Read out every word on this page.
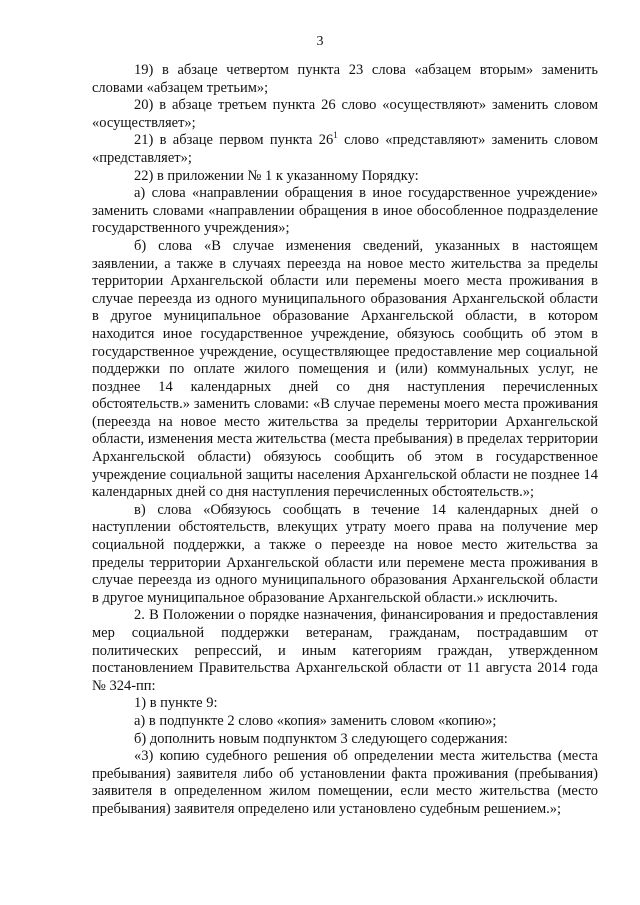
3

19) в абзаце четвертом пункта 23 слова «абзацем вторым» заменить словами «абзацем третьим»;

20) в абзаце третьем пункта 26 слово «осуществляют» заменить словом «осуществляет»;

21) в абзаце первом пункта $26^1$ слово «представляют» заменить словом «представляет»;

22) в приложении № 1 к указанному Порядку:

а) слова «направлении обращения в иное государственное учреждение» заменить словами «направлении обращения в иное обособленное подразделение государственного учреждения»;

б) слова «В случае изменения сведений, указанных в настоящем заявлении, а также в случаях переезда на новое место жительства за пределы территории Архангельской области или перемены моего места проживания в случае переезда из одного муниципального образования Архангельской области в другое муниципальное образование Архангельской области, в котором находится иное государственное учреждение, обязуюсь сообщить об этом в государственное учреждение, осуществляющее предоставление мер социальной поддержки по оплате жилого помещения и (или) коммунальных услуг, не позднее 14 календарных дней со дня наступления перечисленных обстоятельств.» заменить словами: «В случае перемены моего места проживания (переезда на новое место жительства за пределы территории Архангельской области, изменения места жительства (места пребывания) в пределах территории Архангельской области) обязуюсь сообщить об этом в государственное учреждение социальной защиты населения Архангельской области не позднее 14 календарных дней со дня наступления перечисленных обстоятельств.»;

в) слова «Обязуюсь сообщать в течение 14 календарных дней о наступлении обстоятельств, влекущих утрату моего права на получение мер социальной поддержки, а также о переезде на новое место жительства за пределы территории Архангельской области или перемене места проживания в случае переезда из одного муниципального образования Архангельской области в другое муниципальное образование Архангельской области.» исключить.

2. В Положении о порядке назначения, финансирования и предоставления мер социальной поддержки ветеранам, гражданам, пострадавшим от политических репрессий, и иным категориям граждан, утвержденном постановлением Правительства Архангельской области от 11 августа 2014 года № 324-пп:

1) в пункте 9:

а) в подпункте 2 слово «копия» заменить словом «копию»;

б) дополнить новым подпунктом 3 следующего содержания:

«3) копию судебного решения об определении места жительства (места пребывания) заявителя либо об установлении факта проживания (пребывания) заявителя в определенном жилом помещении, если место жительства (место пребывания) заявителя определено или установлено судебным решением.»;
